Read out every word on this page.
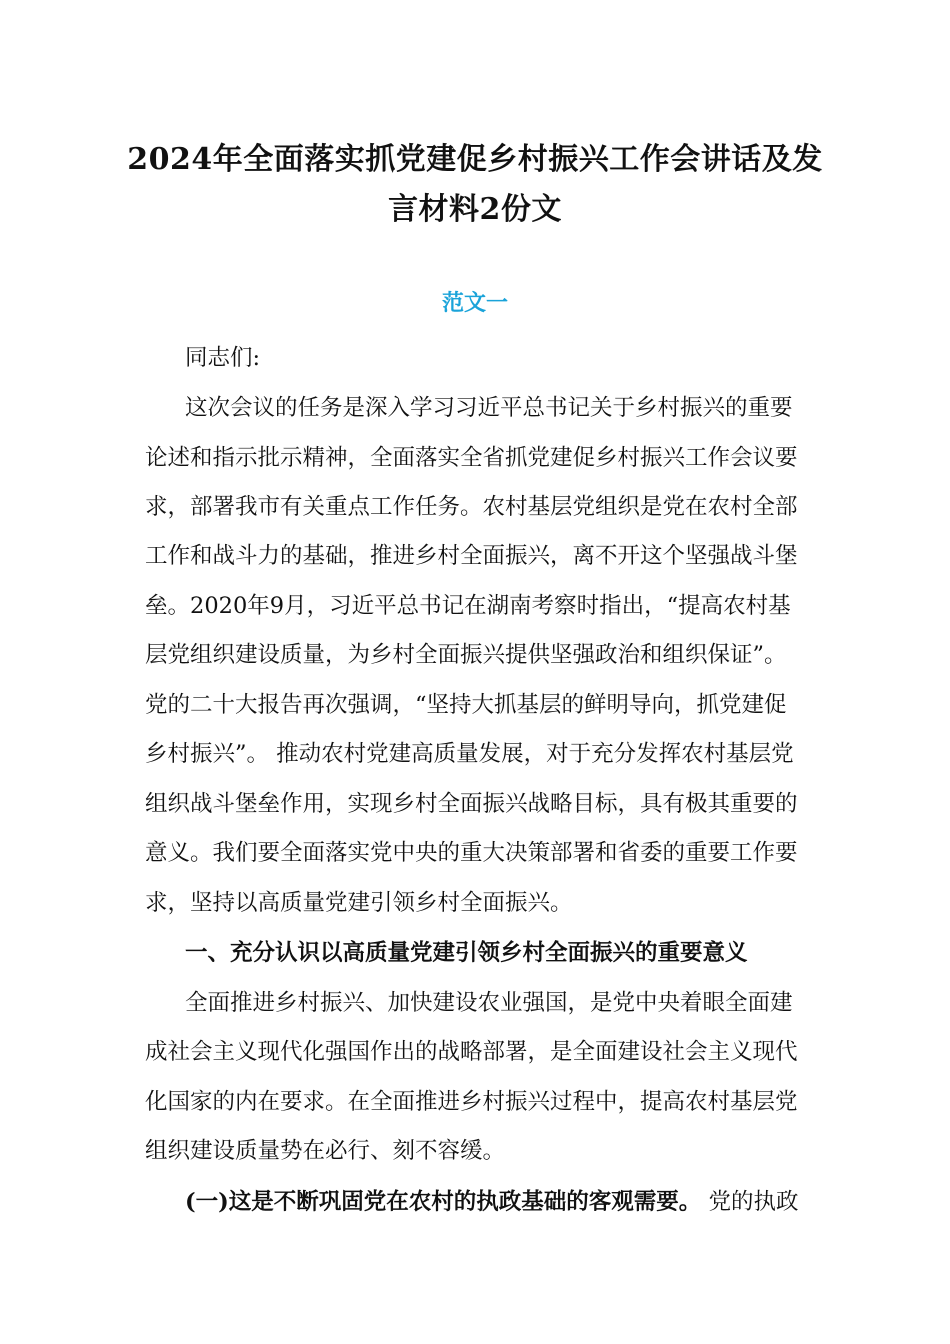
2024年全面落实抓党建促乡村振兴工作会讲话及发
言材料2份文
范文一
同志们:
这次会议的任务是深入学习习近平总书记关于乡村振兴的重要
论述和指示批示精神，全面落实全省抓党建促乡村振兴工作会议要
求，部署我市有关重点工作任务。农村基层党组织是党在农村全部
工作和战斗力的基础，推进乡村全面振兴，离不开这个坚强战斗堡
垒。2020年9月，习近平总书记在湖南考察时指出，“提高农村基
层党组织建设质量，为乡村全面振兴提供坚强政治和组织保证”。
党的二十大报告再次强调，“坚持大抓基层的鲜明导向，抓党建促
乡村振兴”。 推动农村党建高质量发展，对于充分发挥农村基层党
组织战斗堡垒作用，实现乡村全面振兴战略目标，具有极其重要的
意义。我们要全面落实党中央的重大决策部署和省委的重要工作要
求，坚持以高质量党建引领乡村全面振兴。
一、充分认识以高质量党建引领乡村全面振兴的重要意义
全面推进乡村振兴、加快建设农业强国，是党中央着眼全面建
成社会主义现代化强国作出的战略部署，是全面建设社会主义现代
化国家的内在要求。在全面推进乡村振兴过程中，提高农村基层党
组织建设质量势在必行、刻不容缓。
(一)这是不断巩固党在农村的执政基础的客观需要。 党的执政
